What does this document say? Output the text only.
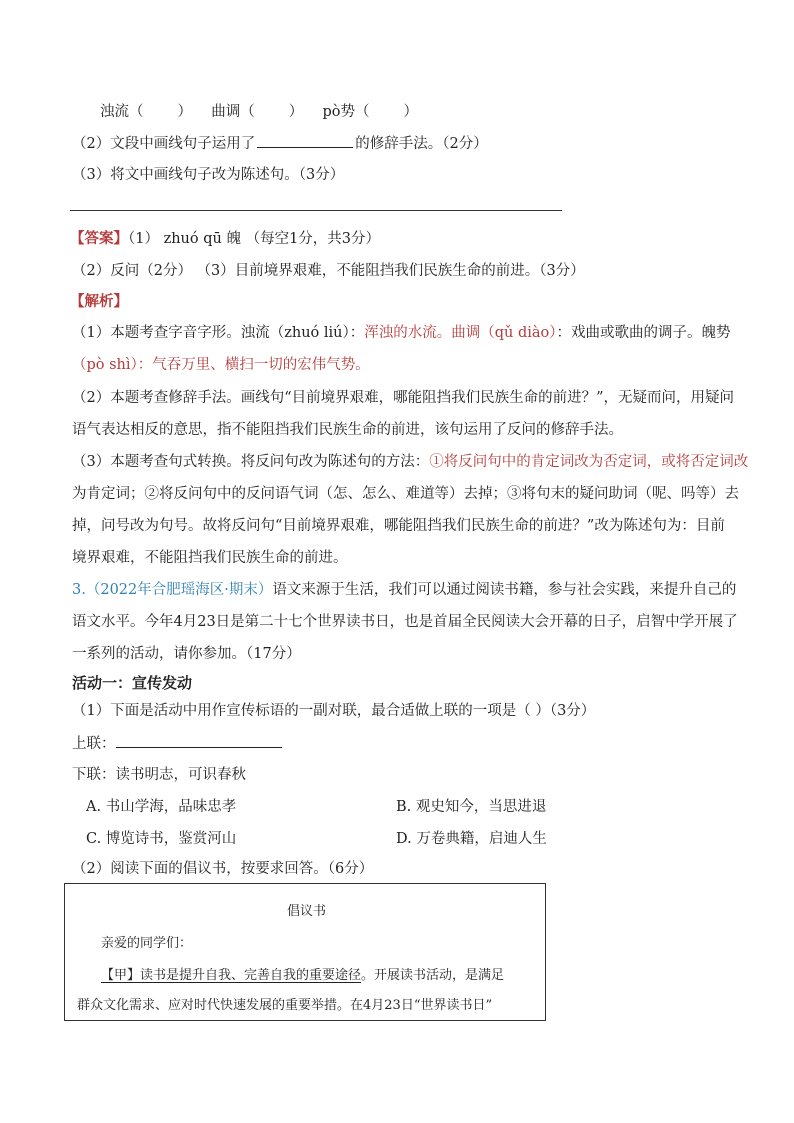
浊流（ ） 曲调（ ） pò势（ ）
（2）文段中画线句子运用了	的修辞手法。（2分）
（3）将文中画线句子改为陈述句。（3分）
【答案】（1） zhuó qū 魄 （每空1分，共3分）
（2）反问（2分） （3）目前境界艰难，不能阻挡我们民族生命的前进。（3分）
【解析】
（1）本题考查字音字形。浊流（zhuó liú）：浑浊的水流。曲调（qǔ diào）：戏曲或歌曲的调子。魄势
（pò shì）：气吞万里、横扫一切的宏伟气势。
（2）本题考查修辞手法。画线句“目前境界艰难，哪能阻挡我们民族生命的前进？”，无疑而问，用疑问
语气表达相反的意思，指不能阻挡我们民族生命的前进，该句运用了反问的修辞手法。
（3）本题考查句式转换。将反问句改为陈述句的方法：①将反问句中的肯定词改为否定词，或将否定词改
为肯定词；②将反问句中的反问语气词（怎、怎么、难道等）去掉；③将句末的疑问助词（呢、吗等）去
掉，问号改为句号。故将反问句“目前境界艰难，哪能阻挡我们民族生命的前进？”改为陈述句为：目前
境界艰难，不能阻挡我们民族生命的前进。
3.（2022年合肥瑶海区·期末）语文来源于生活，我们可以通过阅读书籍，参与社会实践，来提升自己的
语文水平。今年4月23日是第二十七个世界读书日，也是首届全民阅读大会开幕的日子，启智中学开展了
一系列的活动，请你参加。（17分）
活动一：宣传发动
（1）下面是活动中用作宣传标语的一副对联，最合适做上联的一项是（ ）（3分）
上联：
下联：读书明志，可识春秋
A. 书山学海，品味忠孝	B. 观史知今，当思进退
C. 博览诗书，鉴赏河山	D. 万卷典籍，启迪人生
（2）阅读下面的倡议书，按要求回答。（6分）
倡议书
亲爱的同学们：
【甲】读书是提升自我、完善自我的重要途径。开展读书活动，是满足
群众文化需求、应对时代快速发展的重要举措。在4月23日“世界读书日”
